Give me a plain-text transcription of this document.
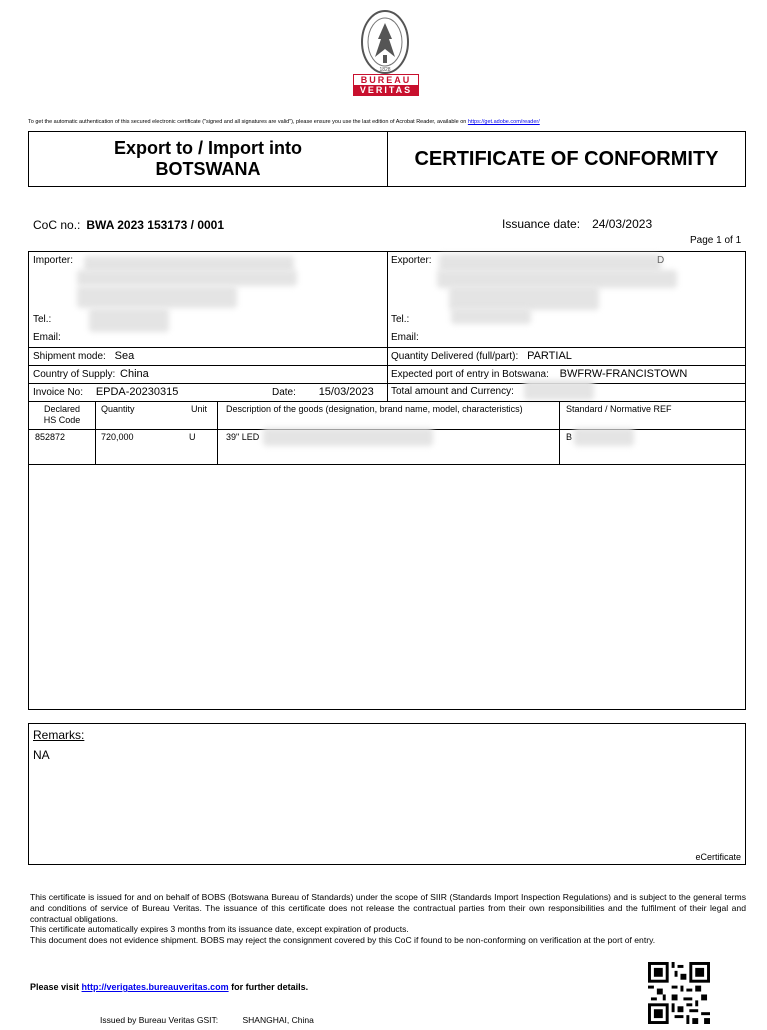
1828
BUREAU
VERITAS
To get the automatic authentication of this secured electronic certificate ("signed and all signatures are valid"), please ensure you use the last edition of Acrobat Reader, available on https://get.adobe.com/reader/
Export to / Import into
BOTSWANA	CERTIFICATE OF CONFORMITY
CoC no.: BWA 2023 153173 / 0001	Issuance date: 24/03/2023
Page 1 of 1
Importer:
Tel.:
Email:
Exporter:	D
Tel.:
Email:
Shipment mode: Sea	Quantity Delivered (full/part): PARTIAL
Country of Supply: China	Expected port of entry in Botswana: BWFRW-FRANCISTOWN
Invoice No: EPDA-20230315	Date: 15/03/2023 Total amount and Currency:
Declared
HS Code
Quantity	Unit Description of the goods (designation, brand name, model, characteristics)	Standard / Normative REF
852872	720,000	U	39" LED	B
Remarks:
NA
eCertificate
This certificate is issued for and on behalf of BOBS (Botswana Bureau of Standards) under the scope of SIIR (Standards Import Inspection Regulations) and is subject to the general terms and conditions of service of Bureau Veritas. The issuance of this certificate does not release the contractual parties from their own responsibilities and the fulfilment of their legal and contractual obligations.
This certificate automatically expires 3 months from its issuance date, except expiration of products.
This document does not evidence shipment. BOBS may reject the consignment covered by this CoC if found to be non-conforming on verification at the port of entry.
Please visit http://verigates.bureauveritas.com for further details.
Issued by Bureau Veritas GSIT:	SHANGHAI, China
